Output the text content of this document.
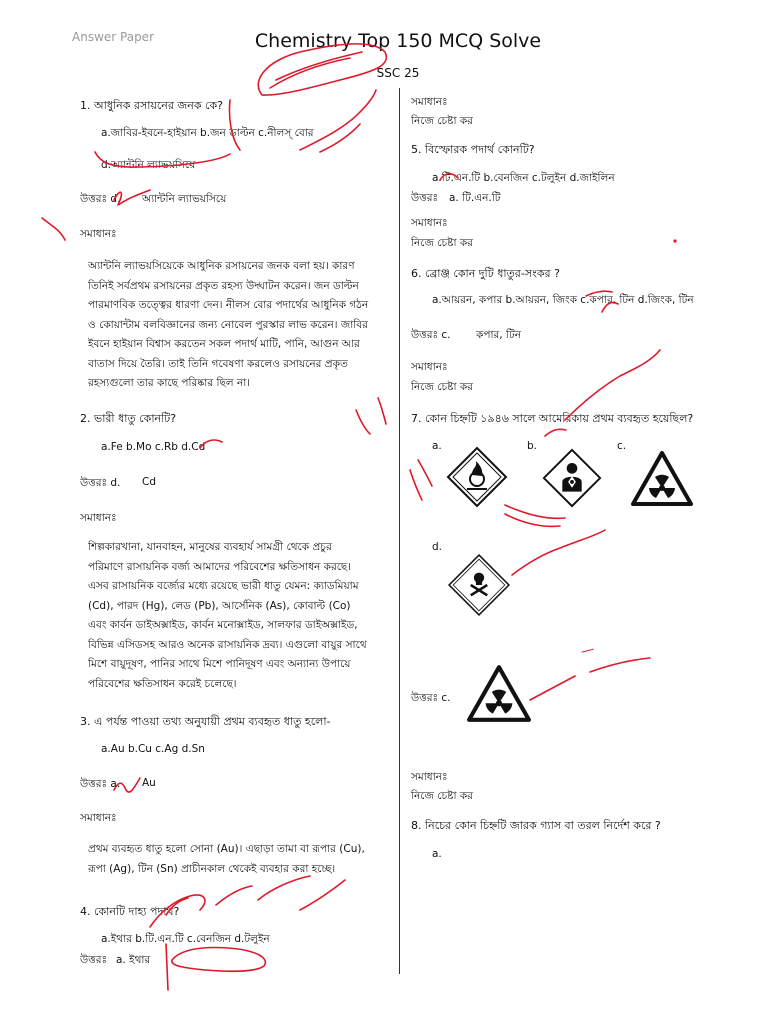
Answer Paper	Chemistry Top 150 MCQ Solve
SSC 25
1. আধুনিক রসায়নের জনক কে?
a.জাবির-ইবনে-হাইয়ান b.জন ডাল্টন c.নীলস্ বোর
d.অ্যান্টনি ল্যাভয়সিয়ে
উত্তরঃ d. অ্যান্টনি ল্যাভয়সিয়ে
সমাধানঃ
অ্যান্টনি ল্যাভয়সিয়েকে আধুনিক রসায়নের জনক বলা হয়। কারণ
তিনিই সর্বপ্রথম রসায়নের প্রকৃত রহস্য উদ্ঘাটন করেন। জন ডাল্টন
পারমাণবিক তত্ত্বের ধারণা দেন। নীলস বোর পদার্থের আধুনিক গঠন
ও কোয়ান্টাম বলবিজ্ঞানের জন্য নোবেল পুরস্কার লাভ করেন। জাবির
ইবনে হাইয়ান বিশ্বাস করতেন সকল পদার্থ মাটি, পানি, আগুন আর
বাতাস দিয়ে তৈরি। তাই তিনি গবেষণা করলেও রসায়নের প্রকৃত
রহস্যগুলো তার কাছে পরিষ্কার ছিল না।
2. ভারী ধাতু কোনটি?
a.Fe b.Mo c.Rb d.Cd
উত্তরঃ d. Cd
সমাধানঃ
শিল্পকারখানা, যানবাহন, মানুষের ব্যবহার্য সামগ্রী থেকে প্রচুর
পরিমাণে রাসায়নিক বর্জ্য আমাদের পরিবেশের ক্ষতিসাধন করছে।
এসব রাসায়নিক বর্জ্যের মধ্যে রয়েছে ভারী ধাতু যেমন: ক্যাডমিয়াম
(Cd), পারদ (Hg), লেড (Pb), আর্সেনিক (As), কোবাল্ট (Co)
এবং কার্বন ডাইঅক্সাইড, কার্বন মনোক্সাইড, সালফার ডাইঅক্সাইড,
বিভিন্ন এসিডসহ আরও অনেক রাসায়নিক দ্রব্য। এগুলো বায়ুর সাথে
মিশে বায়ুদূষণ, পানির সাথে মিশে পানিদূষণ এবং অন্যান্য উপায়ে
পরিবেশের ক্ষতিসাধন করেই চলেছে।
3. এ পর্যন্ত পাওয়া তথ্য অনুযায়ী প্রথম ব্যবহৃত ধাতু হলো-
a.Au b.Cu c.Ag d.Sn
উত্তরঃ a. Au
সমাধানঃ
প্রথম ব্যবহৃত ধাতু হলো সোনা (Au)। এছাড়া তামা বা রূপার (Cu),
রূপা (Ag), টিন (Sn) প্রাচীনকাল থেকেই ব্যবহার করা হচ্ছে।
4. কোনটি দাহ্য পদার্থ?
a.ইথার b.টি.এন.টি c.বেনজিন d.টলুইন
উত্তরঃ a. ইথার
সমাধানঃ
নিজে চেষ্টা কর
5. বিস্ফোরক পদার্থ কোনটি?
a.টি.এন.টি b.বেনজিন c.টলুইন d.জাইলিন
উত্তরঃ a. টি.এন.টি
সমাধানঃ
নিজে চেষ্টা কর
6. ব্রোঞ্জ কোন দুটি ধাতুর-সংকর ?
a.আয়রন, কপার b.আয়রন, জিংক c.কপার, টিন d.জিংক, টিন
উত্তরঃ c. কপার, টিন
সমাধানঃ
নিজে চেষ্টা কর
7. কোন চিহ্নটি ১৯৪৬ সালে আমেরিকায় প্রথম ব্যবহৃত হয়েছিল?
a.	b.	c.
d.
উত্তরঃ c.
সমাধানঃ
নিজে চেষ্টা কর
8. নিচের কোন চিহ্নটি জারক গ্যাস বা তরল নির্দেশ করে ?
a.
—
